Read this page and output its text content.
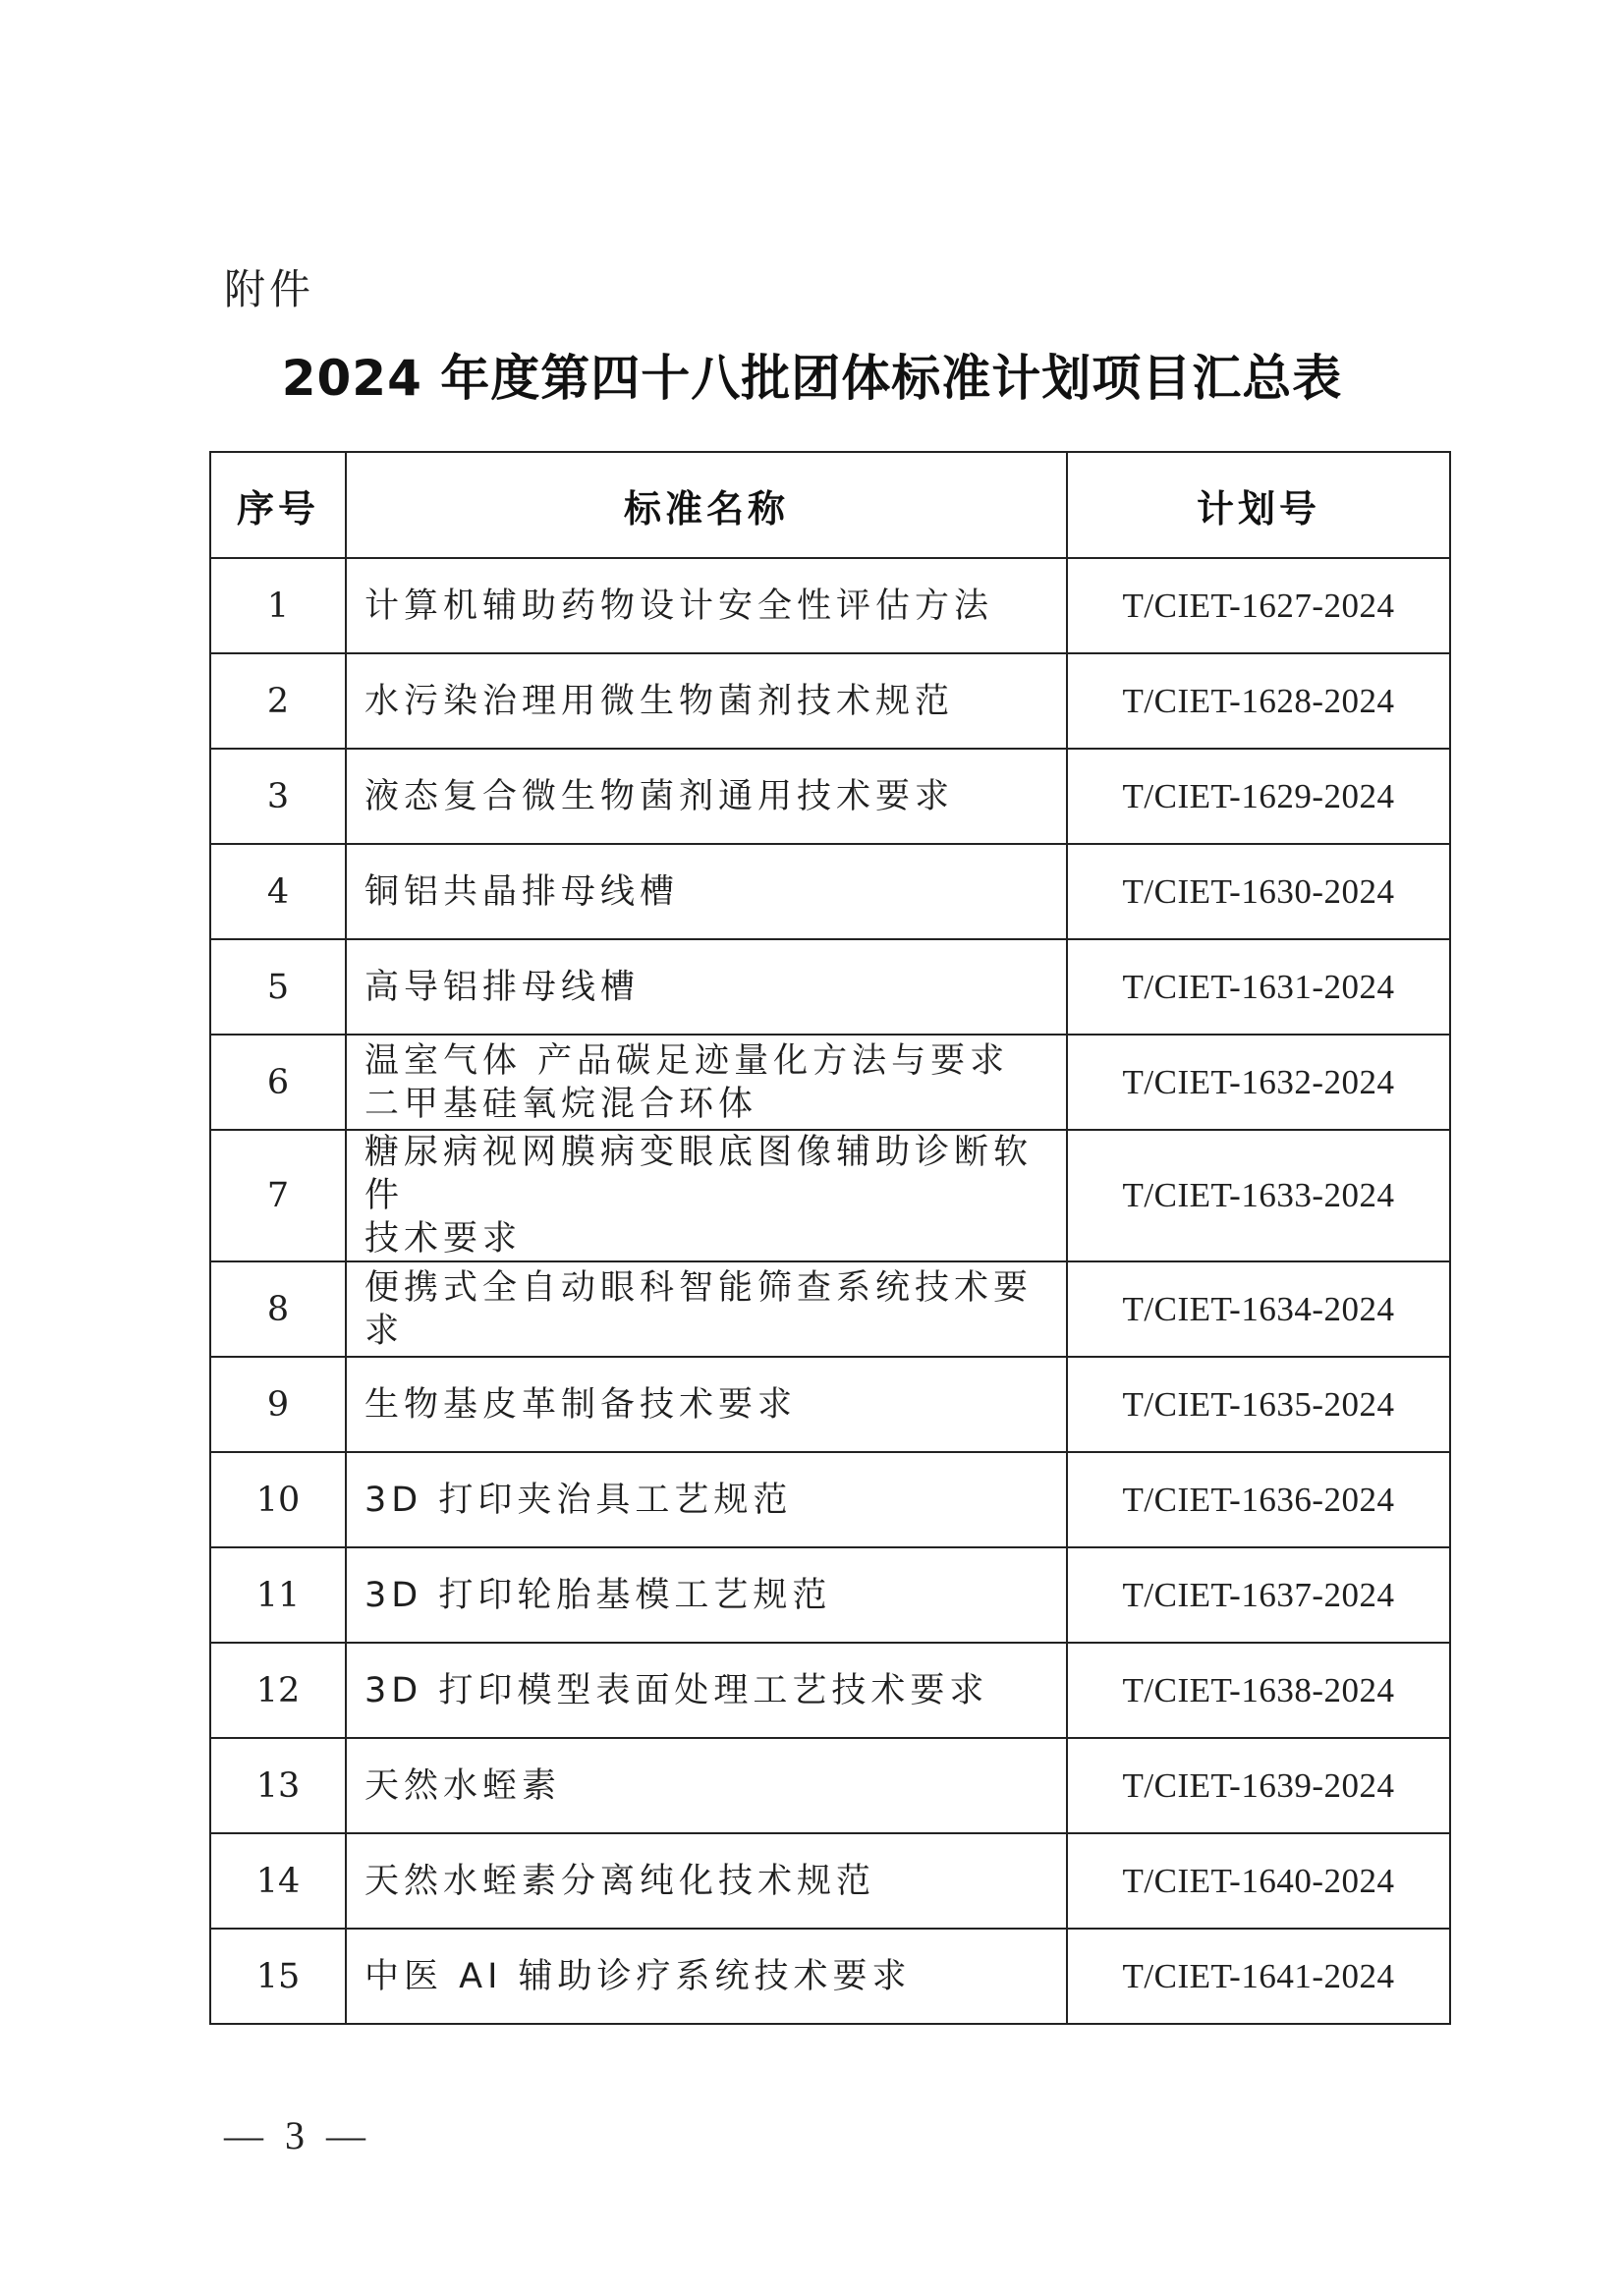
附件
2024 年度第四十八批团体标准计划项目汇总表
序号	标准名称	计划号
1	计算机辅助药物设计安全性评估方法	T/CIET-1627-2024
2	水污染治理用微生物菌剂技术规范	T/CIET-1628-2024
3	液态复合微生物菌剂通用技术要求	T/CIET-1629-2024
4	铜铝共晶排母线槽	T/CIET-1630-2024
5	高导铝排母线槽	T/CIET-1631-2024
6	温室气体 产品碳足迹量化方法与要求
二甲基硅氧烷混合环体	T/CIET-1632-2024
7	糖尿病视网膜病变眼底图像辅助诊断软件
技术要求	T/CIET-1633-2024
8	便携式全自动眼科智能筛查系统技术要求	T/CIET-1634-2024
9	生物基皮革制备技术要求	T/CIET-1635-2024
10	3D 打印夹治具工艺规范	T/CIET-1636-2024
11	3D 打印轮胎基模工艺规范	T/CIET-1637-2024
12	3D 打印模型表面处理工艺技术要求	T/CIET-1638-2024
13	天然水蛭素	T/CIET-1639-2024
14	天然水蛭素分离纯化技术规范	T/CIET-1640-2024
15	中医 AI 辅助诊疗系统技术要求	T/CIET-1641-2024
— 3 —
